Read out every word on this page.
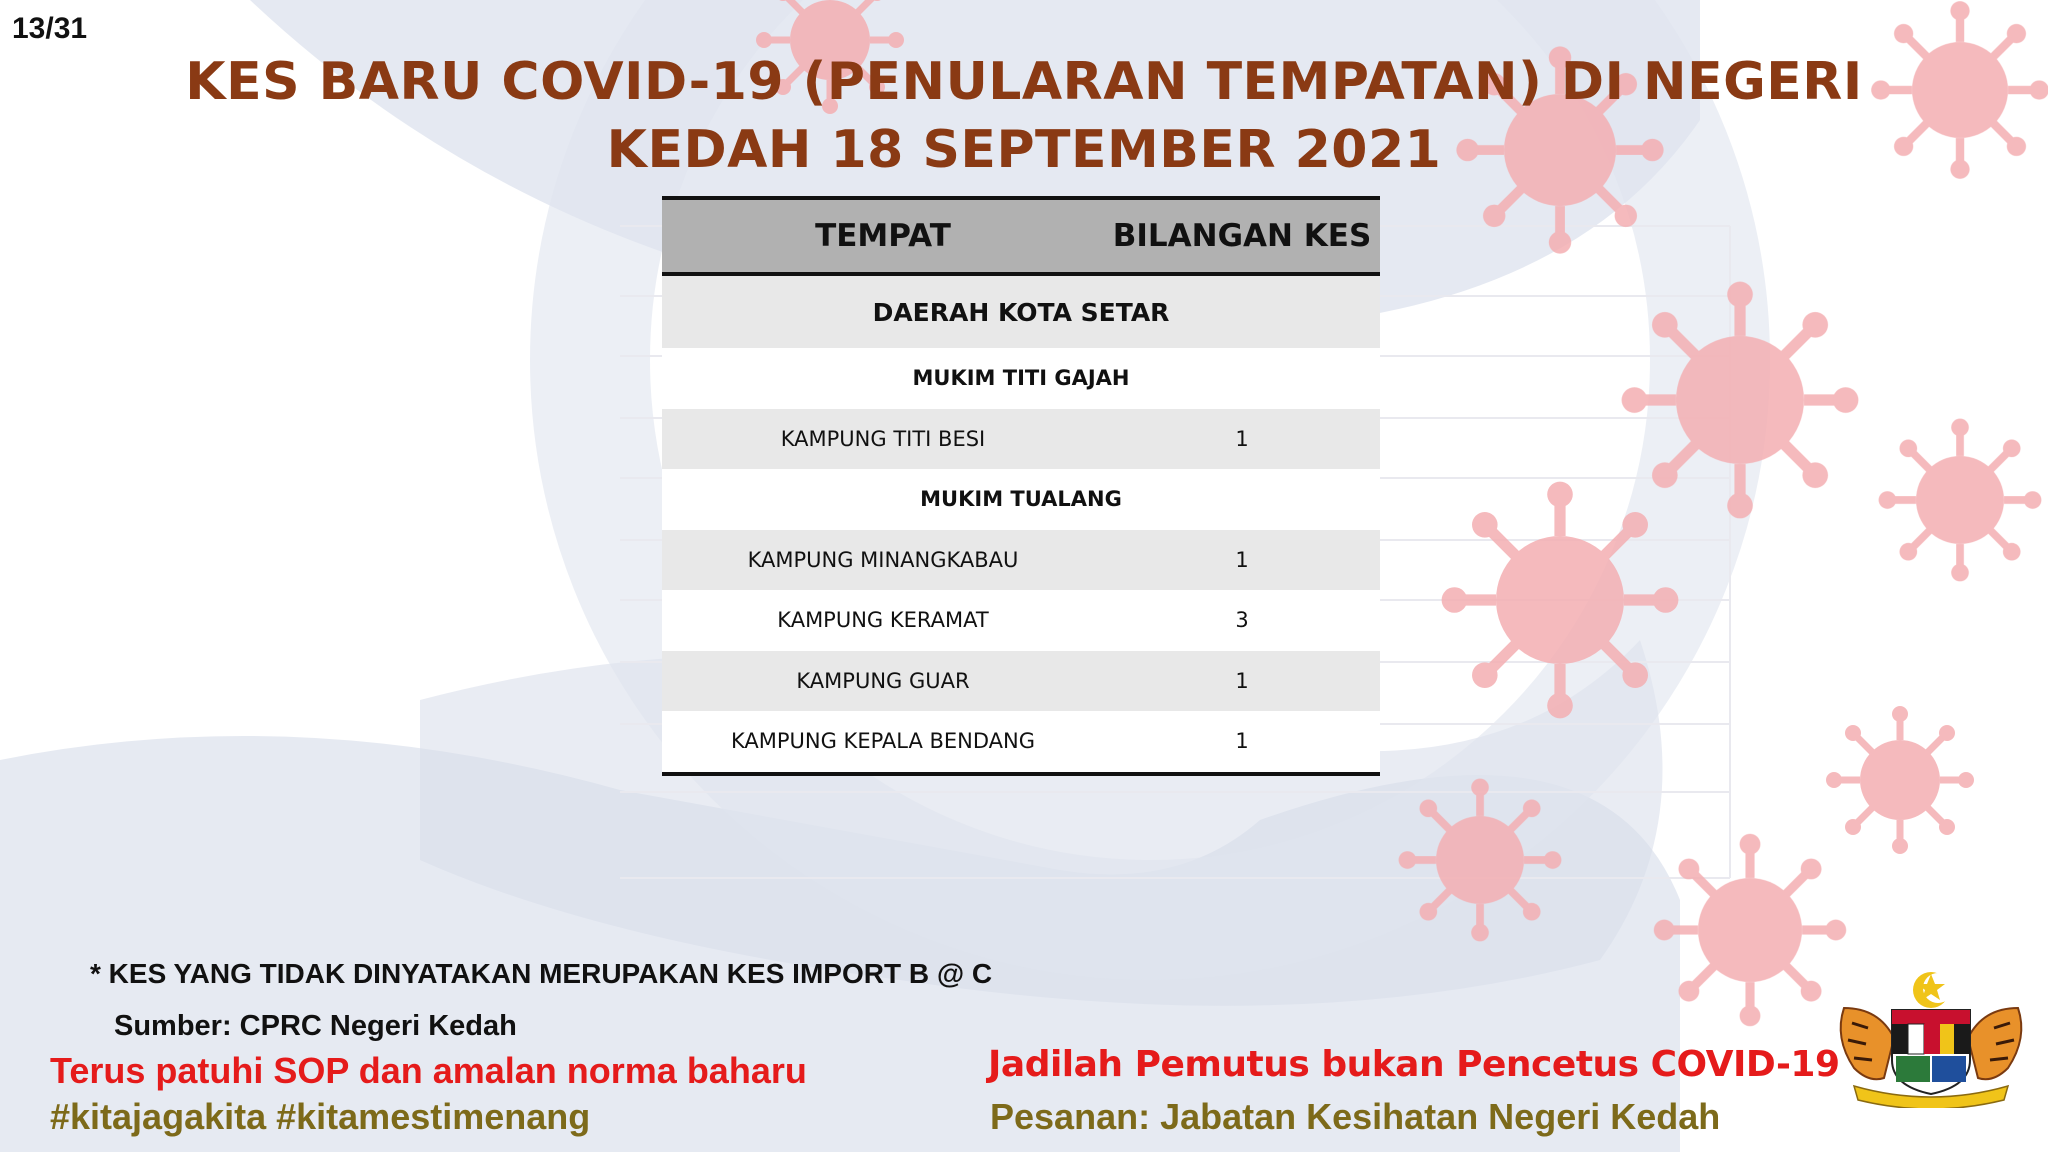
13/31
KES BARU COVID-19 (PENULARAN TEMPATAN) DI NEGERI
KEDAH 18 SEPTEMBER 2021
TEMPAT	BILANGAN KES
DAERAH KOTA SETAR
MUKIM TITI GAJAH
KAMPUNG TITI BESI	1
MUKIM TUALANG
KAMPUNG MINANGKABAU	1
KAMPUNG KERAMAT	3
KAMPUNG GUAR	1
KAMPUNG KEPALA BENDANG	1
* KES YANG TIDAK DINYATAKAN MERUPAKAN KES IMPORT B @ C
Sumber: CPRC Negeri Kedah
Terus patuhi SOP dan amalan norma baharu
#kitajagakita #kitamestimenang
Jadilah Pemutus bukan Pencetus COVID-19
Pesanan: Jabatan Kesihatan Negeri Kedah
